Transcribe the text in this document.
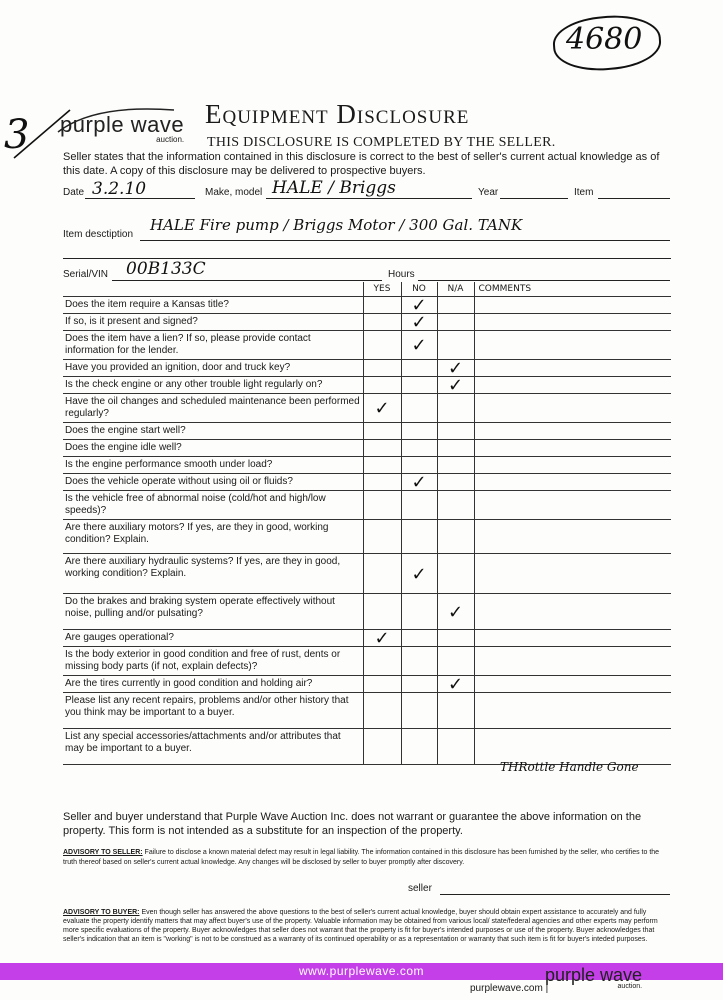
3
4680
purple wave
auction.
Equipment Disclosure
THIS DISCLOSURE IS COMPLETED BY THE SELLER.
Seller states that the information contained in this disclosure is correct to the best of seller's current actual knowledge as of this date. A copy of this disclosure may be delivered to prospective buyers.
Date 3.2.10	Make, model HALE / Briggs	Year	Item
Item desctiption
HALE Fire pump / Briggs Motor / 300 Gal. TANK
Serial/VIN 00B133C	Hours
	YES	NO	N/A	COMMENTS
Does the item require a Kansas title?		✓		
If so, is it present and signed?		✓		
Does the item have a lien? If so, please provide contact information for the lender.		✓		
Have you provided an ignition, door and truck key?			✓	
Is the check engine or any other trouble light regularly on?			✓	
Have the oil changes and scheduled maintenance been performed regularly?	✓			
Does the engine start well?				
Does the engine idle well?				
Is the engine performance smooth under load?				
Does the vehicle operate without using oil or fluids?		✓		
Is the vehicle free of abnormal noise (cold/hot and high/low speeds)?				
Are there auxiliary motors? If yes, are they in good, working condition? Explain.				
Are there auxiliary hydraulic systems? If yes, are they in good, working condition? Explain.		✓		
Do the brakes and braking system operate effectively without noise, pulling and/or pulsating?			✓	
Are gauges operational?	✓			
Is the body exterior in good condition and free of rust, dents or missing body parts (if not, explain defects)?				
Are the tires currently in good condition and holding air?			✓	
Please list any recent repairs, problems and/or other history that you think may be important to a buyer.				
List any special accessories/attachments and/or attributes that may be important to a buyer.				
THRottle Handle Gone
Seller and buyer understand that Purple Wave Auction Inc. does not warrant or guarantee the above information on the property. This form is not intended as a substitute for an inspection of the property.
ADVISORY TO SELLER: Failure to disclose a known material defect may result in legal liability. The information contained in this disclosure has been furnished by the seller, who certifies to the truth thereof based on seller's current actual knowledge. Any changes will be disclosed by seller to buyer promptly after discovery.
seller
ADVISORY TO BUYER: Even though seller has answered the above questions to the best of seller's current actual knowledge, buyer should obtain expert assistance to accurately and fully evaluate the property identify matters that may affect buyer's use of the property. Valuable information may be obtained from various local/ state/federal agencies and other experts may perform more specific evaluations of the property. Buyer acknowledges that seller does not warrant that the property is fit for buyer's intended purposes or use of the property. Buyer acknowledges that seller's indication that an item is "working" is not to be construed as a warranty of its continued operability or as a representation or warranty that such item is fit for buyer's inteded purposes.
www.purplewave.com
purplewave.com |
purple wave
auction.
